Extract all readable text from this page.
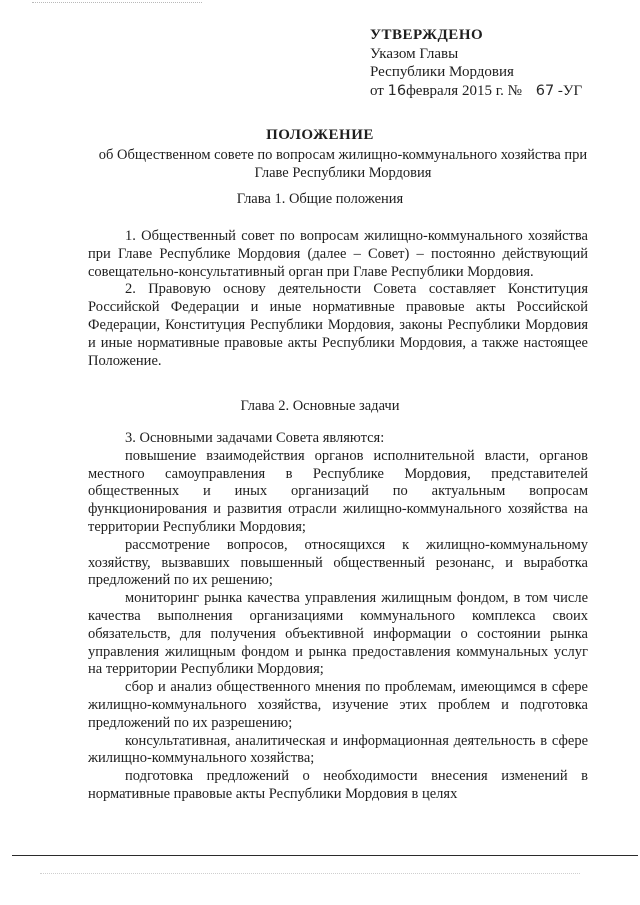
УТВЕРЖДЕНО
Указом Главы
Республики Мордовия
от 16февраля 2015 г. № 67 -УГ
ПОЛОЖЕНИЕ
об Общественном совете по вопросам жилищно-коммунального хозяйства при Главе Республики Мордовия
Глава 1. Общие положения

1. Общественный совет по вопросам жилищно-коммунального хозяйства при Главе Республике Мордовия (далее – Совет) – постоянно действующий совещательно-консультативный орган при Главе Республики Мордовия.

2. Правовую основу деятельности Совета составляет Конституция Российской Федерации и иные нормативные правовые акты Российской Федерации, Конституция Республики Мордовия, законы Республики Мордовия и иные нормативные правовые акты Республики Мордовия, а также настоящее Положение.

Глава 2. Основные задачи

3. Основными задачами Совета являются:

повышение взаимодействия органов исполнительной власти, органов местного самоуправления в Республике Мордовия, представителей общественных и иных организаций по актуальным вопросам функционирования и развития отрасли жилищно-коммунального хозяйства на территории Республики Мордовия;

рассмотрение вопросов, относящихся к жилищно-коммунальному хозяйству, вызвавших повышенный общественный резонанс, и выработка предложений по их решению;

мониторинг рынка качества управления жилищным фондом, в том числе качества выполнения организациями коммунального комплекса своих обязательств, для получения объективной информации о состоянии рынка управления жилищным фондом и рынка предоставления коммунальных услуг на территории Республики Мордовия;

сбор и анализ общественного мнения по проблемам, имеющимся в сфере жилищно-коммунального хозяйства, изучение этих проблем и подготовка предложений по их разрешению;

консультативная, аналитическая и информационная деятельность в сфере жилищно-коммунального хозяйства;

подготовка предложений о необходимости внесения изменений в нормативные правовые акты Республики Мордовия в целях
